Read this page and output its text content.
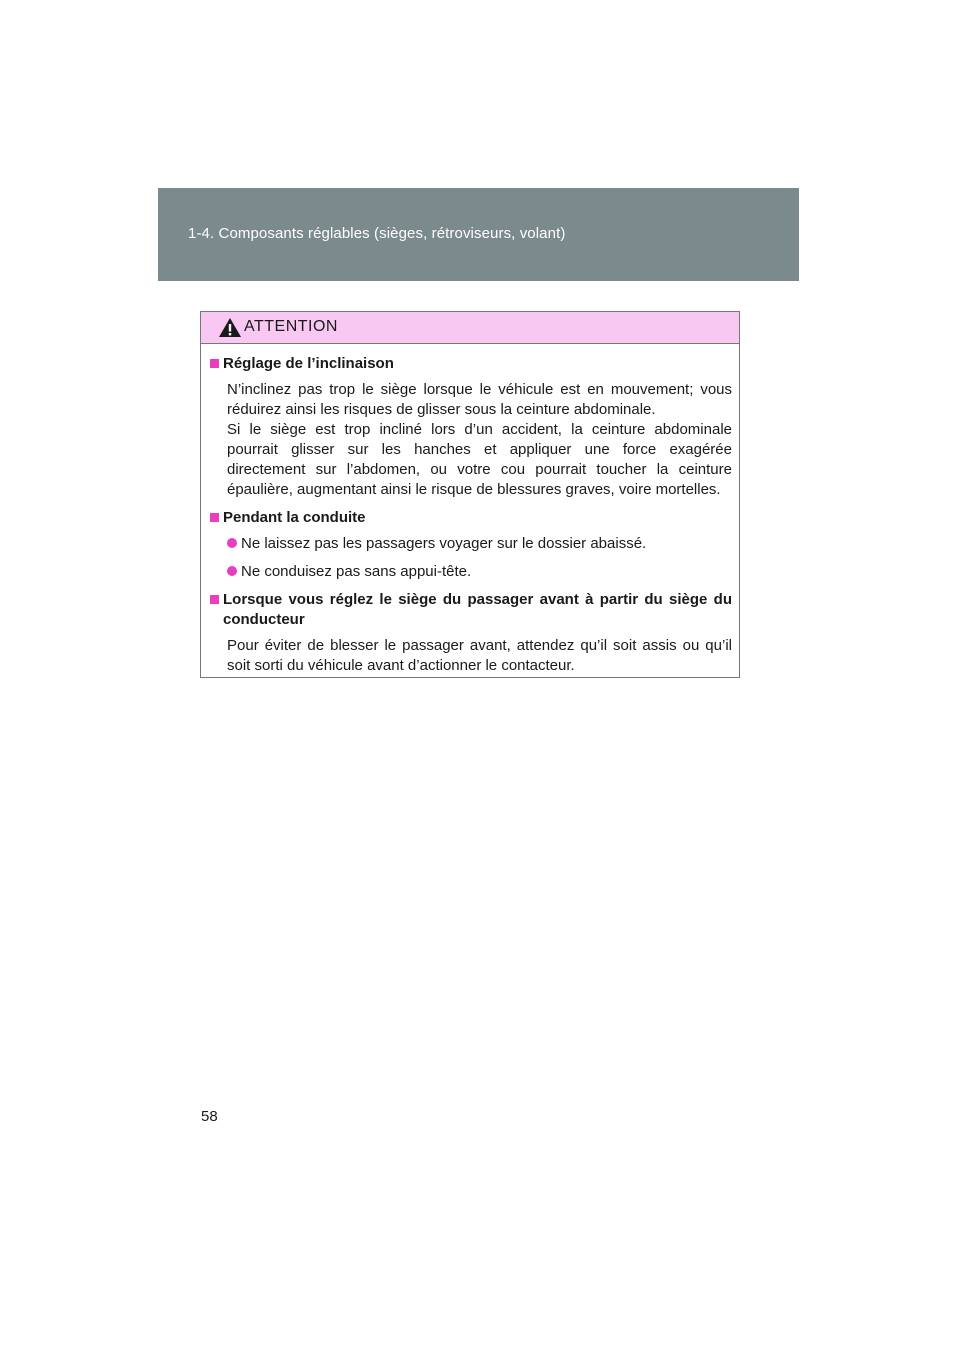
1-4. Composants réglables (sièges, rétroviseurs, volant)
ATTENTION
Réglage de l’inclinaison
N’inclinez pas trop le siège lorsque le véhicule est en mouvement; vous réduirez ainsi les risques de glisser sous la ceinture abdominale.
Si le siège est trop incliné lors d’un accident, la ceinture abdominale pourrait glisser sur les hanches et appliquer une force exagérée directement sur l’abdomen, ou votre cou pourrait toucher la ceinture épaulière, augmentant ainsi le risque de blessures graves, voire mortelles.
Pendant la conduite
Ne laissez pas les passagers voyager sur le dossier abaissé.
Ne conduisez pas sans appui-tête.
Lorsque vous réglez le siège du passager avant à partir du siège du conducteur
Pour éviter de blesser le passager avant, attendez qu’il soit assis ou qu’il soit sorti du véhicule avant d’actionner le contacteur.
58
